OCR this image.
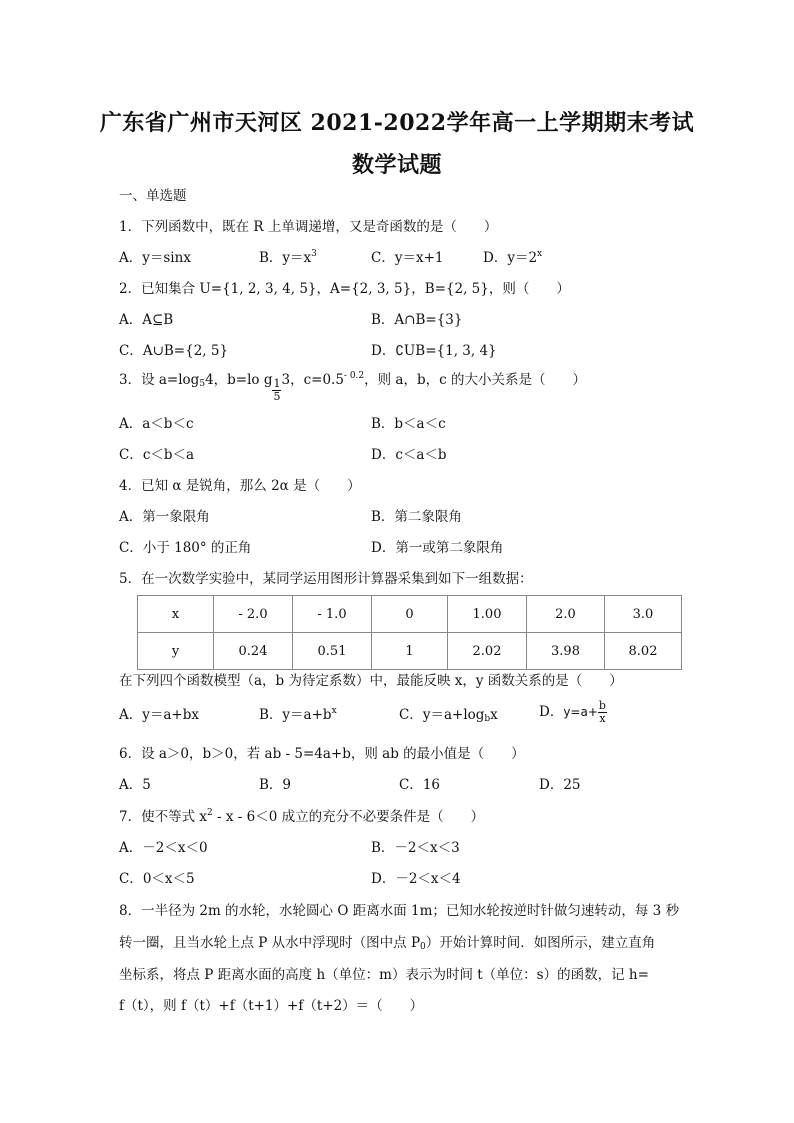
广东省广州市天河区 2021-2022学年高一上学期期末考试
数学试题
一、单选题
1．下列函数中，既在 R 上单调递增，又是奇函数的是（　　）
A．y＝sinx	B．$y=x^3$	C．y＝x+1	D．$y=2^x$
2．已知集合 U={1, 2, 3, 4, 5}，A={2, 3, 5}，B={2, 5}，则（　　）
A．A⊆B	B．A∩B={3}
C．A∪B={2, 5}	D．∁UB={1, 3, 4}
3．设 $a=\log_54$，b=lo g $\frac{1}{5} 3$，$c=0.5^{- 0.2}$，则 a，b，c 的大小关系是（　　）
A．a＜b＜c	B．b＜a＜c
C．c＜b＜a	D．c＜a＜b
4．已知 α 是锐角，那么 2α 是（　　）
A．第一象限角	B．第二象限角
C．小于 180° 的正角	D．第一或第二象限角
5．在一次数学实验中，某同学运用图形计算器采集到如下一组数据：
x	- 2.0	- 1.0	0	1.00	2.0	3.0
y	0.24	0.51	1	2.02	3.98	8.02
在下列四个函数模型（a，b 为待定系数）中，最能反映 x，y 函数关系的是（　　）
A．y＝a+bx	B．$y=a+b^x$	C．$y=a+\log_bx$	D．$y=a+ \frac{b}{x}$
6．设 a＞0，b＞0，若 ab - 5=4a+b，则 ab 的最小值是（　　）
A．5	B．9	C．16	D．25
7．使不等式 $x^2 - x - 6<0$ 成立的充分不必要条件是（　　）
A．－2＜x＜0	B．－2＜x＜3
C．0＜x＜5	D．－2＜x＜4
8．一半径为 2m 的水轮，水轮圆心 O 距离水面 1m；已知水轮按逆时针做匀速转动，每 3 秒
转一圈，且当水轮上点 P 从水中浮现时（图中点 $P_0$）开始计算时间．如图所示，建立直角
坐标系，将点 P 距离水面的高度 h（单位：m）表示为时间 t（单位：s）的函数，记 h=
f（t），则 f（t）+f（t+1）+f（t+2）＝（　　）
